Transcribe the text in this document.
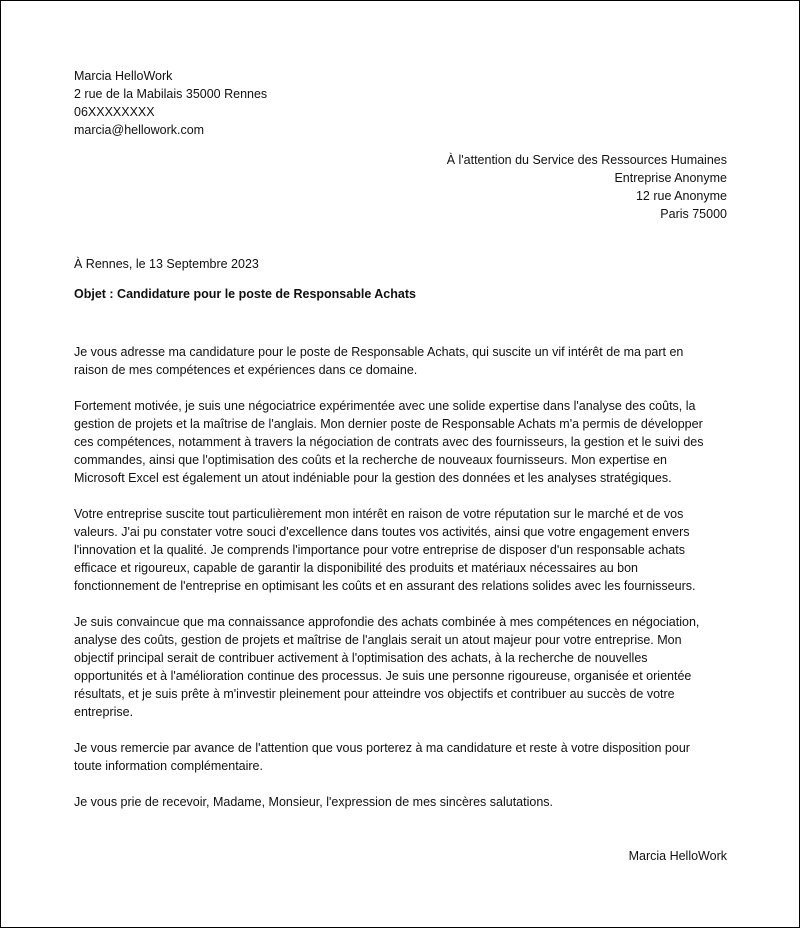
Marcia HelloWork
2 rue de la Mabilais 35000 Rennes
06XXXXXXXX
marcia@hellowork.com
À l'attention du Service des Ressources Humaines
Entreprise Anonyme
12 rue Anonyme
Paris 75000
À Rennes, le 13 Septembre 2023
Objet : Candidature pour le poste de Responsable Achats

Je vous adresse ma candidature pour le poste de Responsable Achats, qui suscite un vif intérêt de ma part en
raison de mes compétences et expériences dans ce domaine.

Fortement motivée, je suis une négociatrice expérimentée avec une solide expertise dans l'analyse des coûts, la
gestion de projets et la maîtrise de l'anglais. Mon dernier poste de Responsable Achats m'a permis de développer
ces compétences, notamment à travers la négociation de contrats avec des fournisseurs, la gestion et le suivi des
commandes, ainsi que l'optimisation des coûts et la recherche de nouveaux fournisseurs. Mon expertise en
Microsoft Excel est également un atout indéniable pour la gestion des données et les analyses stratégiques.

Votre entreprise suscite tout particulièrement mon intérêt en raison de votre réputation sur le marché et de vos
valeurs. J'ai pu constater votre souci d'excellence dans toutes vos activités, ainsi que votre engagement envers
l'innovation et la qualité. Je comprends l'importance pour votre entreprise de disposer d'un responsable achats
efficace et rigoureux, capable de garantir la disponibilité des produits et matériaux nécessaires au bon
fonctionnement de l'entreprise en optimisant les coûts et en assurant des relations solides avec les fournisseurs.

Je suis convaincue que ma connaissance approfondie des achats combinée à mes compétences en négociation,
analyse des coûts, gestion de projets et maîtrise de l'anglais serait un atout majeur pour votre entreprise. Mon
objectif principal serait de contribuer activement à l'optimisation des achats, à la recherche de nouvelles
opportunités et à l'amélioration continue des processus. Je suis une personne rigoureuse, organisée et orientée
résultats, et je suis prête à m'investir pleinement pour atteindre vos objectifs et contribuer au succès de votre
entreprise.

Je vous remercie par avance de l'attention que vous porterez à ma candidature et reste à votre disposition pour
toute information complémentaire.

Je vous prie de recevoir, Madame, Monsieur, l'expression de mes sincères salutations.

Marcia HelloWork
